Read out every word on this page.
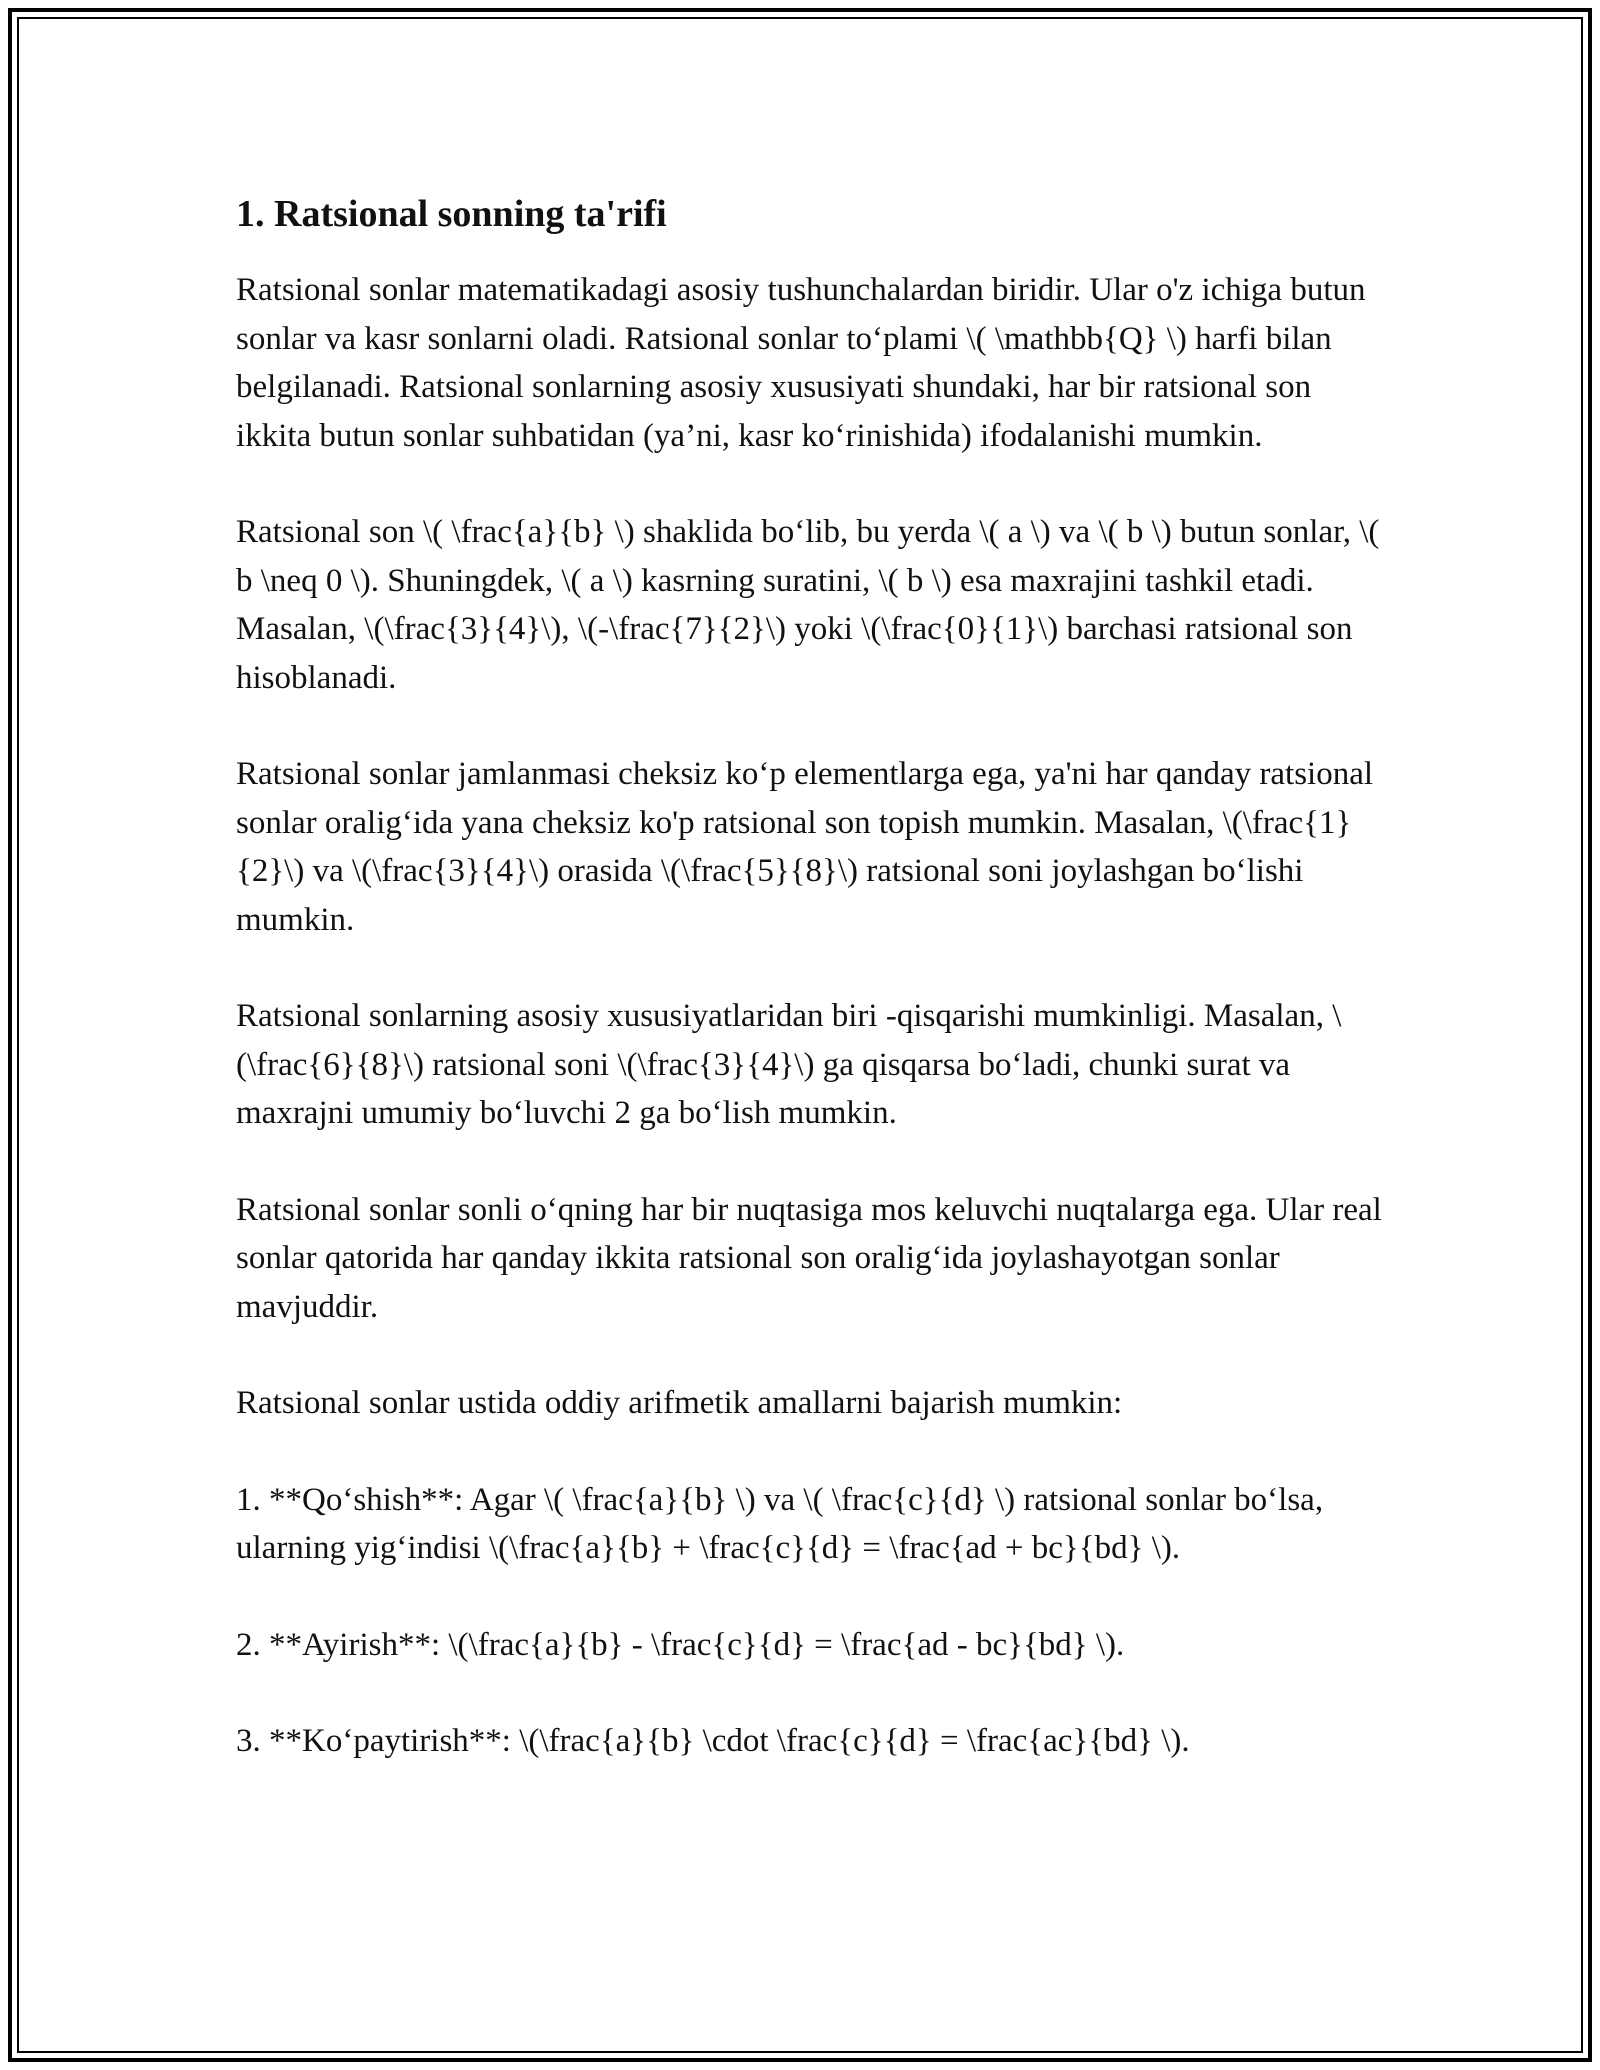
1. Ratsional sonning ta'rifi

Ratsional sonlar matematikadagi asosiy tushunchalardan biridir. Ular o'z ichiga butun sonlar va kasr sonlarni oladi. Ratsional sonlar to‘plami \( \mathbb{Q} \) harfi bilan belgilanadi. Ratsional sonlarning asosiy xususiyati shundaki, har bir ratsional son ikkita butun sonlar suhbatidan (ya’ni, kasr ko‘rinishida) ifodalanishi mumkin.

Ratsional son \( \frac{a}{b} \) shaklida bo‘lib, bu yerda \( a \) va \( b \) butun sonlar, \( b \neq 0 \). Shuningdek, \( a \) kasrning suratini, \( b \) esa maxrajini tashkil etadi. Masalan, \(\frac{3}{4}\), \(-\frac{7}{2}\) yoki \(\frac{0}{1}\) barchasi ratsional son hisoblanadi.

Ratsional sonlar jamlanmasi cheksiz ko‘p elementlarga ega, ya'ni har qanday ratsional sonlar oralig‘ida yana cheksiz ko'p ratsional son topish mumkin. Masalan, \(\frac{1}{2}\) va \(\frac{3}{4}\) orasida \(\frac{5}{8}\) ratsional soni joylashgan bo‘lishi mumkin.

Ratsional sonlarning asosiy xususiyatlaridan biri -qisqarishi mumkinligi. Masalan, \(\frac{6}{8}\) ratsional soni \(\frac{3}{4}\) ga qisqarsa bo‘ladi, chunki surat va maxrajni umumiy bo‘luvchi 2 ga bo‘lish mumkin.

Ratsional sonlar sonli o‘qning har bir nuqtasiga mos keluvchi nuqtalarga ega. Ular real sonlar qatorida har qanday ikkita ratsional son oralig‘ida joylashayotgan sonlar mavjuddir.

Ratsional sonlar ustida oddiy arifmetik amallarni bajarish mumkin:

1. **Qo‘shish**: Agar \( \frac{a}{b} \) va \( \frac{c}{d} \) ratsional sonlar bo‘lsa, ularning yig‘indisi \(\frac{a}{b} + \frac{c}{d} = \frac{ad + bc}{bd} \).

2. **Ayirish**: \(\frac{a}{b} - \frac{c}{d} = \frac{ad - bc}{bd} \).

3. **Ko‘paytirish**: \(\frac{a}{b} \cdot \frac{c}{d} = \frac{ac}{bd} \).
